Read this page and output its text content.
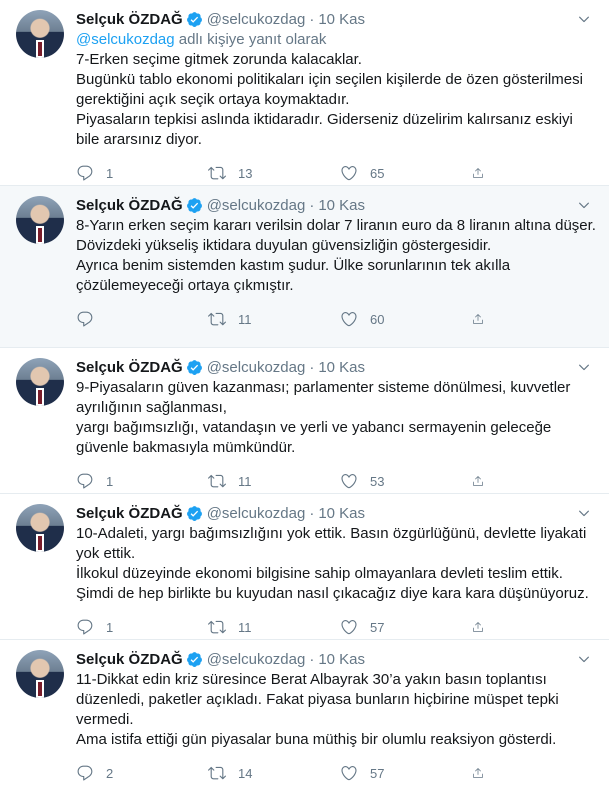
Selçuk ÖZDAĞ @selcukozdag · 10 Kas
@selcukozdag adlı kişiye yanıt olarak
7-Erken seçime gitmek zorunda kalacaklar.
Bugünkü tablo ekonomi politikaları için seçilen kişilerde de özen gösterilmesi gerektiğini açık seçik ortaya koymaktadır.
Piyasaların tepkisi aslında iktidaradır. Giderseniz düzelirim kalırsanız eskiyi bile ararsınız diyor.
1	13	65
Selçuk ÖZDAĞ @selcukozdag · 10 Kas
8-Yarın erken seçim kararı verilsin dolar 7 liranın euro da 8 liranın altına düşer.
Dövizdeki yükseliş iktidara duyulan güvensizliğin göstergesidir.
Ayrıca benim sistemden kastım şudur. Ülke sorunlarının tek akılla çözülemeyeceği ortaya çıkmıştır.
11	60
Selçuk ÖZDAĞ @selcukozdag · 10 Kas
9-Piyasaların güven kazanması; parlamenter sisteme dönülmesi, kuvvetler ayrılığının sağlanması,
yargı bağımsızlığı, vatandaşın ve yerli ve yabancı sermayenin geleceğe güvenle bakmasıyla mümkündür.
1	11	53
Selçuk ÖZDAĞ @selcukozdag · 10 Kas
10-Adaleti, yargı bağımsızlığını yok ettik. Basın özgürlüğünü, devlette liyakati yok ettik.
İlkokul düzeyinde ekonomi bilgisine sahip olmayanlara devleti teslim ettik.
Şimdi de hep birlikte bu kuyudan nasıl çıkacağız diye kara kara düşünüyoruz.
1	11	57
Selçuk ÖZDAĞ @selcukozdag · 10 Kas
11-Dikkat edin kriz süresince Berat Albayrak 30’a yakın basın toplantısı düzenledi, paketler açıkladı. Fakat piyasa bunların hiçbirine müspet tepki vermedi.
Ama istifa ettiği gün piyasalar buna müthiş bir olumlu reaksiyon gösterdi.
2	14	57
